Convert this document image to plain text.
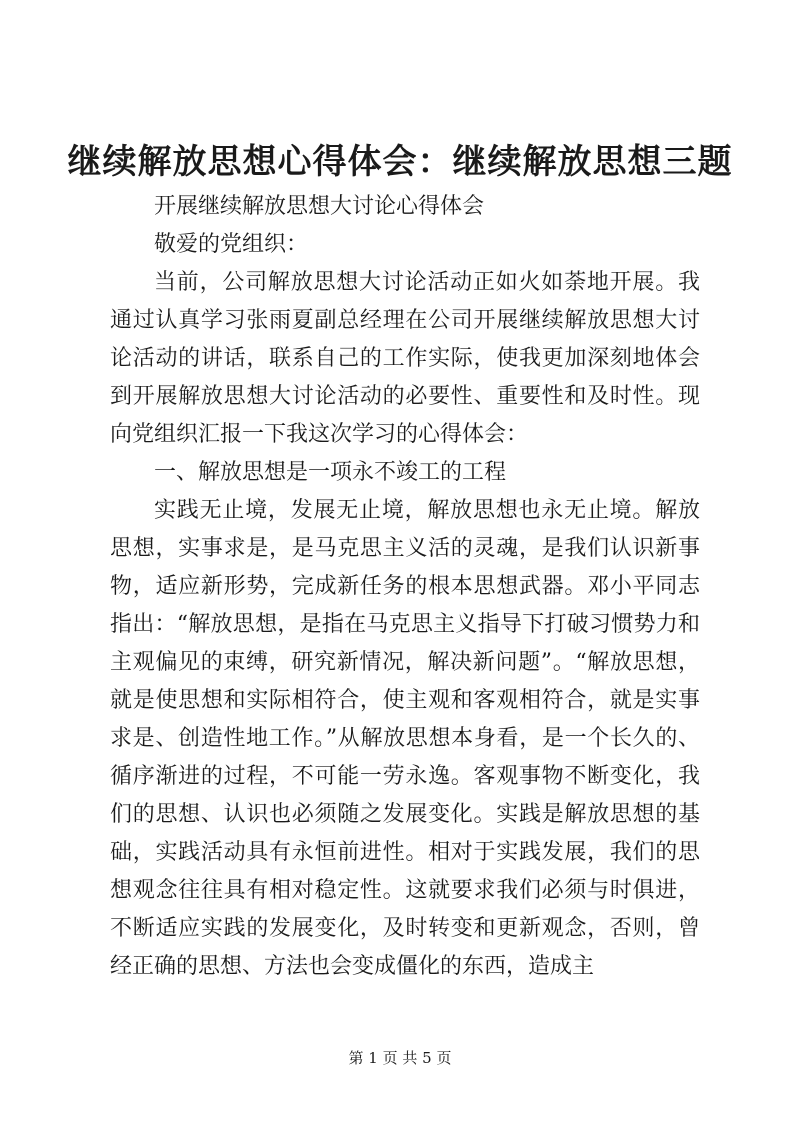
继续解放思想心得体会：继续解放思想三题

开展继续解放思想大讨论心得体会

敬爱的党组织：

当前，公司解放思想大讨论活动正如火如荼地开展。我通过认真学习张雨夏副总经理在公司开展继续解放思想大讨论活动的讲话，联系自己的工作实际，使我更加深刻地体会到开展解放思想大讨论活动的必要性、重要性和及时性。现向党组织汇报一下我这次学习的心得体会：

一、解放思想是一项永不竣工的工程

实践无止境，发展无止境，解放思想也永无止境。解放思想，实事求是，是马克思主义活的灵魂，是我们认识新事物，适应新形势，完成新任务的根本思想武器。邓小平同志指出：“解放思想，是指在马克思主义指导下打破习惯势力和主观偏见的束缚，研究新情况，解决新问题”。“解放思想，就是使思想和实际相符合，使主观和客观相符合，就是实事求是、创造性地工作。”从解放思想本身看，是一个长久的、循序渐进的过程，不可能一劳永逸。客观事物不断变化，我们的思想、认识也必须随之发展变化。实践是解放思想的基础，实践活动具有永恒前进性。相对于实践发展，我们的思想观念往往具有相对稳定性。这就要求我们必须与时俱进，不断适应实践的发展变化，及时转变和更新观念，否则，曾经正确的思想、方法也会变成僵化的东西，造成主

第 1 页 共 5 页
